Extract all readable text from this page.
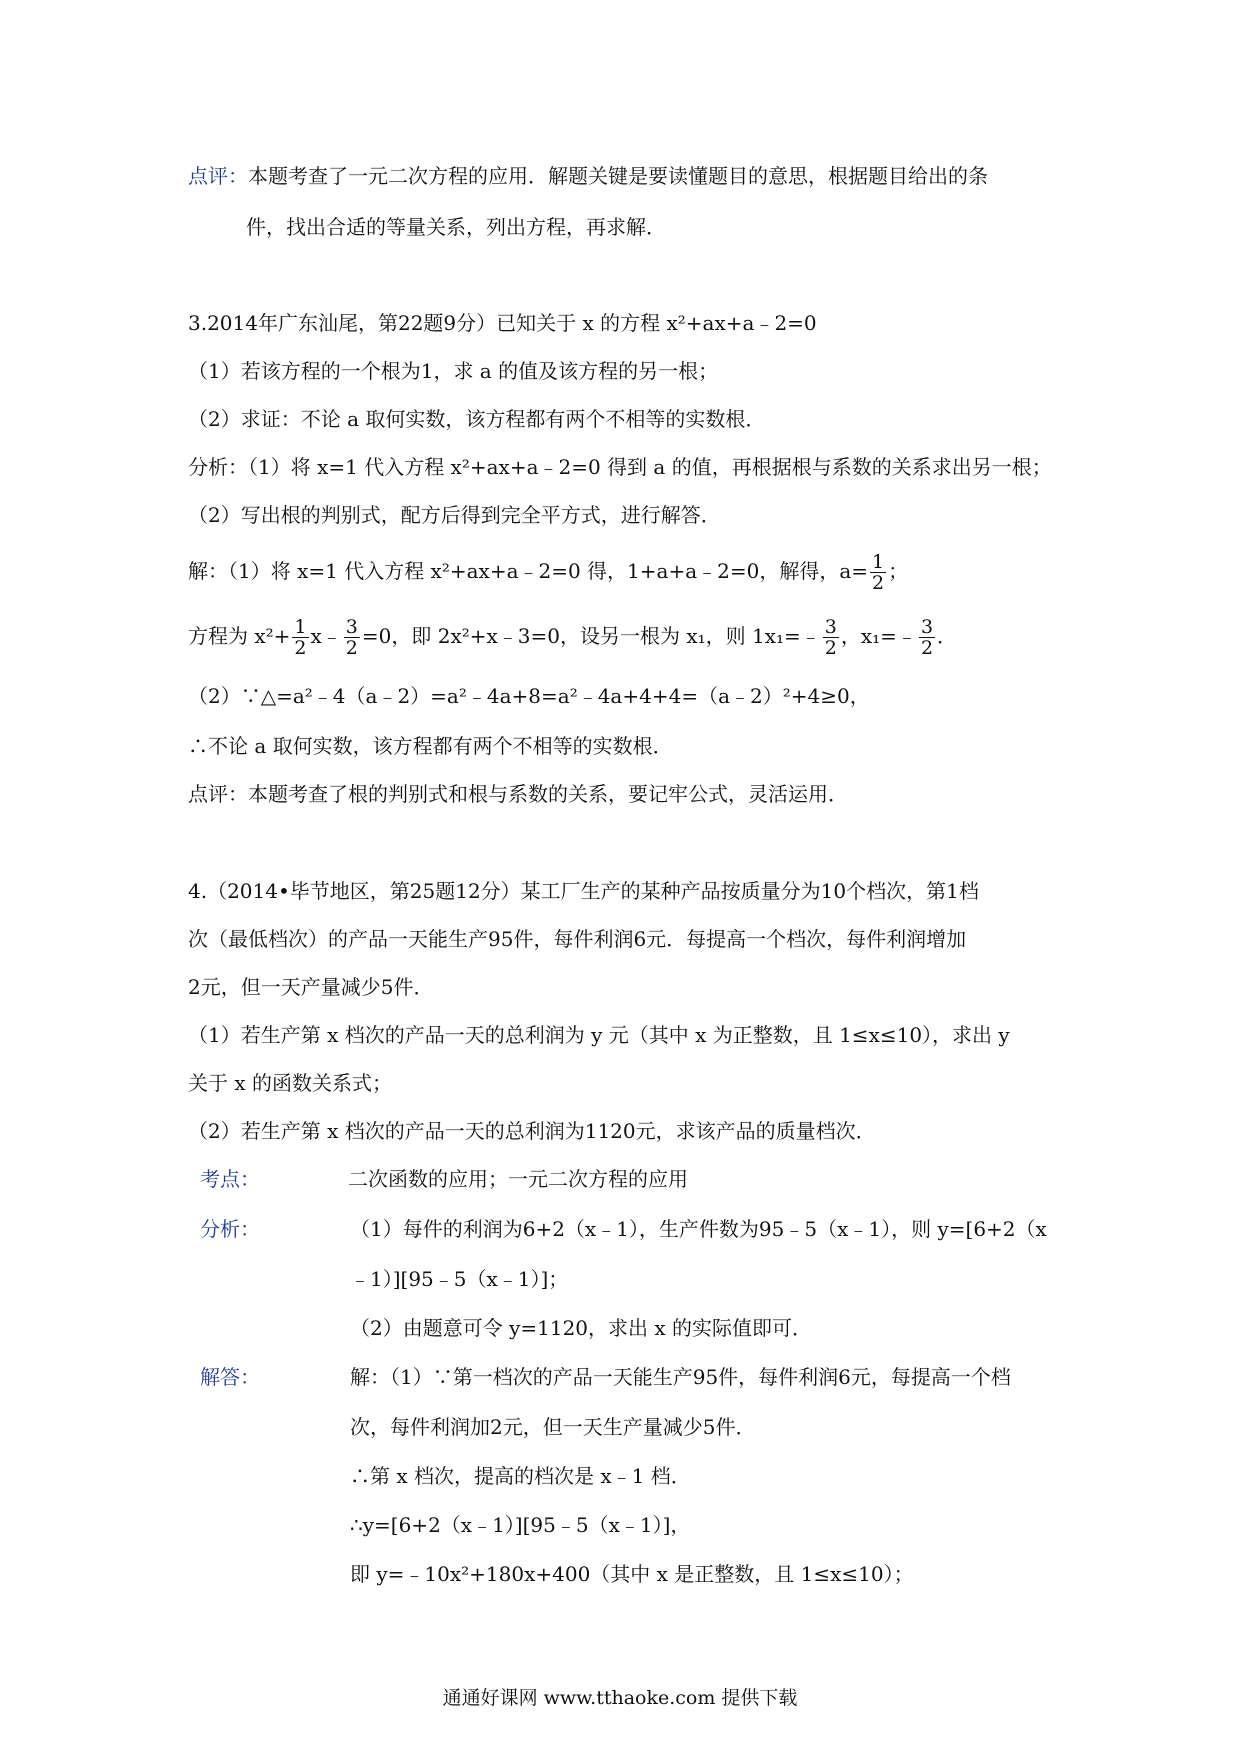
点评：本题考查了一元二次方程的应用．解题关键是要读懂题目的意思，根据题目给出的条
件，找出合适的等量关系，列出方程，再求解．
3.2014年广东汕尾，第22题9分）已知关于 x 的方程 x²+ax+a﹣2=0
（1）若该方程的一个根为1，求 a 的值及该方程的另一根；
（2）求证：不论 a 取何实数，该方程都有两个不相等的实数根．
分析：（1）将 x=1 代入方程 x²+ax+a﹣2=0 得到 a 的值，再根据根与系数的关系求出另一根；
（2）写出根的判别式，配方后得到完全平方式，进行解答．
解：（1）将 x=1 代入方程 x²+ax+a﹣2=0 得，1+a+a﹣2=0，解得，$a= \frac{1}{2}$ ；
方程为 $x^2+ \frac{1}{2}$ x﹣ $\frac{3}{2} =0$，即 2x²+x﹣3=0，设另一根为 x₁，则 1x₁=﹣ $\frac{3}{2}$ ，x₁=﹣ $\frac{3}{2}$ ．
（2）∵△=a²﹣4（a﹣2）=a²﹣4a+8=a²﹣4a+4+4=（a﹣2）²+4≥0，
∴不论 a 取何实数，该方程都有两个不相等的实数根．
点评：本题考查了根的判别式和根与系数的关系，要记牢公式，灵活运用．
4.（2014•毕节地区，第25题12分）某工厂生产的某种产品按质量分为10个档次，第1档
次（最低档次）的产品一天能生产95件，每件利润6元．每提高一个档次，每件利润增加
2元，但一天产量减少5件．
（1）若生产第 x 档次的产品一天的总利润为 y 元（其中 x 为正整数，且 1≤x≤10），求出 y
关于 x 的函数关系式；
（2）若生产第 x 档次的产品一天的总利润为1120元，求该产品的质量档次．
考点：	二次函数的应用；一元二次方程的应用
分析：	（1）每件的利润为6+2（x﹣1），生产件数为95﹣5（x﹣1），则 y=[6+2（x
﹣1）][95﹣5（x﹣1）]；
（2）由题意可令 y=1120，求出 x 的实际值即可．
解答：	解：（1）∵第一档次的产品一天能生产95件，每件利润6元，每提高一个档
次，每件利润加2元，但一天生产量减少5件．
∴第 x 档次，提高的档次是 x﹣1 档．
∴y=[6+2（x﹣1）][95﹣5（x﹣1）]，
即 y=﹣10x²+180x+400（其中 x 是正整数，且 1≤x≤10）；
通通好课网 www.tthaoke.com 提供下载
